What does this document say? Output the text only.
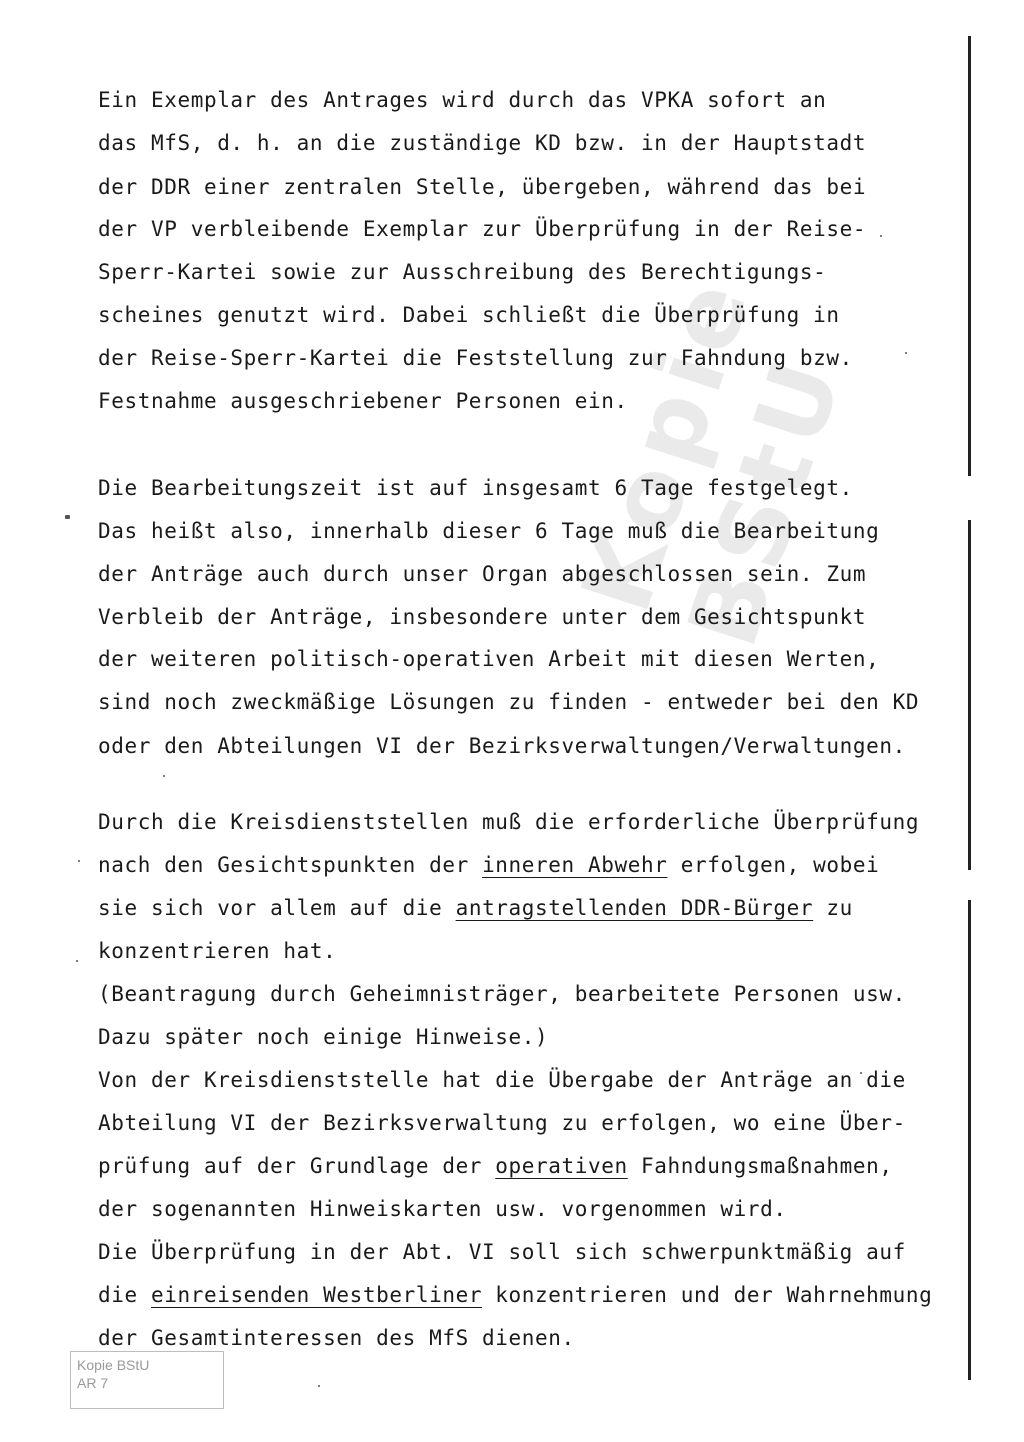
Kopie BStU
Ein Exemplar des Antrages wird durch das VPKA sofort an
das MfS, d. h. an die zuständige KD bzw. in der Hauptstadt
der DDR einer zentralen Stelle, übergeben, während das bei
der VP verbleibende Exemplar zur Überprüfung in der Reise-
Sperr-Kartei sowie zur Ausschreibung des Berechtigungs-
scheines genutzt wird. Dabei schließt die Überprüfung in
der Reise-Sperr-Kartei die Feststellung zur Fahndung bzw.
Festnahme ausgeschriebener Personen ein.
Die Bearbeitungszeit ist auf insgesamt 6 Tage festgelegt.
Das heißt also, innerhalb dieser 6 Tage muß die Bearbeitung
der Anträge auch durch unser Organ abgeschlossen sein. Zum
Verbleib der Anträge, insbesondere unter dem Gesichtspunkt
der weiteren politisch-operativen Arbeit mit diesen Werten,
sind noch zweckmäßige Lösungen zu finden - entweder bei den KD
oder den Abteilungen VI der Bezirksverwaltungen/Verwaltungen.
Durch die Kreisdienststellen muß die erforderliche Überprüfung
nach den Gesichtspunkten der inneren Abwehr erfolgen, wobei
sie sich vor allem auf die antragstellenden DDR-Bürger zu
konzentrieren hat.
(Beantragung durch Geheimnisträger, bearbeitete Personen usw.
Dazu später noch einige Hinweise.)
Von der Kreisdienststelle hat die Übergabe der Anträge an die
Abteilung VI der Bezirksverwaltung zu erfolgen, wo eine Über-
prüfung auf der Grundlage der operativen Fahndungsmaßnahmen,
der sogenannten Hinweiskarten usw. vorgenommen wird.
Die Überprüfung in der Abt. VI soll sich schwerpunktmäßig auf
die einreisenden Westberliner konzentrieren und der Wahrnehmung
der Gesamtinteressen des MfS dienen.
Kopie BStU
AR 7
